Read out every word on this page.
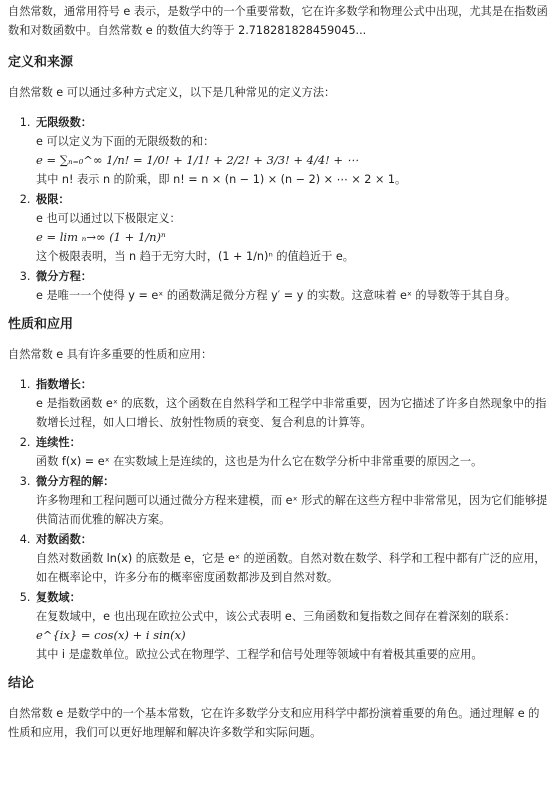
自然常数，通常用符号 e 表示，是数学中的一个重要常数，它在许多数学和物理公式中出现，尤其是在指数函数和对数函数中。自然常数 e 的数值大约等于 2.718281828459045...

定义和来源

自然常数 e 可以通过多种方式定义，以下是几种常见的定义方法：

1. 无限级数：
e 可以定义为下面的无限级数的和：
e = ∑ₙ₌₀^∞ 1/n! = 1/0! + 1/1! + 2/2! + 3/3! + 4/4! + ⋯
其中 n! 表示 n 的阶乘，即 n! = n × (n − 1) × (n − 2) × ⋯ × 2 × 1。
2. 极限：
e 也可以通过以下极限定义：
e = lim ₙ→∞ (1 + 1/n)ⁿ
这个极限表明，当 n 趋于无穷大时，(1 + 1/n)ⁿ 的值趋近于 e。
3. 微分方程：
e 是唯一一个使得 y = eˣ 的函数满足微分方程 y′ = y 的实数。这意味着 eˣ 的导数等于其自身。
性质和应用

自然常数 e 具有许多重要的性质和应用：

1. 指数增长：
e 是指数函数 eˣ 的底数，这个函数在自然科学和工程学中非常重要，因为它描述了许多自然现象中的指数增长过程，如人口增长、放射性物质的衰变、复合利息的计算等。
2. 连续性：
函数 f(x) = eˣ 在实数域上是连续的，这也是为什么它在数学分析中非常重要的原因之一。
3. 微分方程的解：
许多物理和工程问题可以通过微分方程来建模，而 eˣ 形式的解在这些方程中非常常见，因为它们能够提供简洁而优雅的解决方案。
4. 对数函数：
自然对数函数 ln(x) 的底数是 e，它是 eˣ 的逆函数。自然对数在数学、科学和工程中都有广泛的应用，如在概率论中，许多分布的概率密度函数都涉及到自然对数。
5. 复数域：
在复数域中，e 也出现在欧拉公式中，该公式表明 e、三角函数和复指数之间存在着深刻的联系：
e^{ix} = cos(x) + i sin(x)
其中 i 是虚数单位。欧拉公式在物理学、工程学和信号处理等领域中有着极其重要的应用。
结论

自然常数 e 是数学中的一个基本常数，它在许多数学分支和应用科学中都扮演着重要的角色。通过理解 e 的性质和应用，我们可以更好地理解和解决许多数学和实际问题。
